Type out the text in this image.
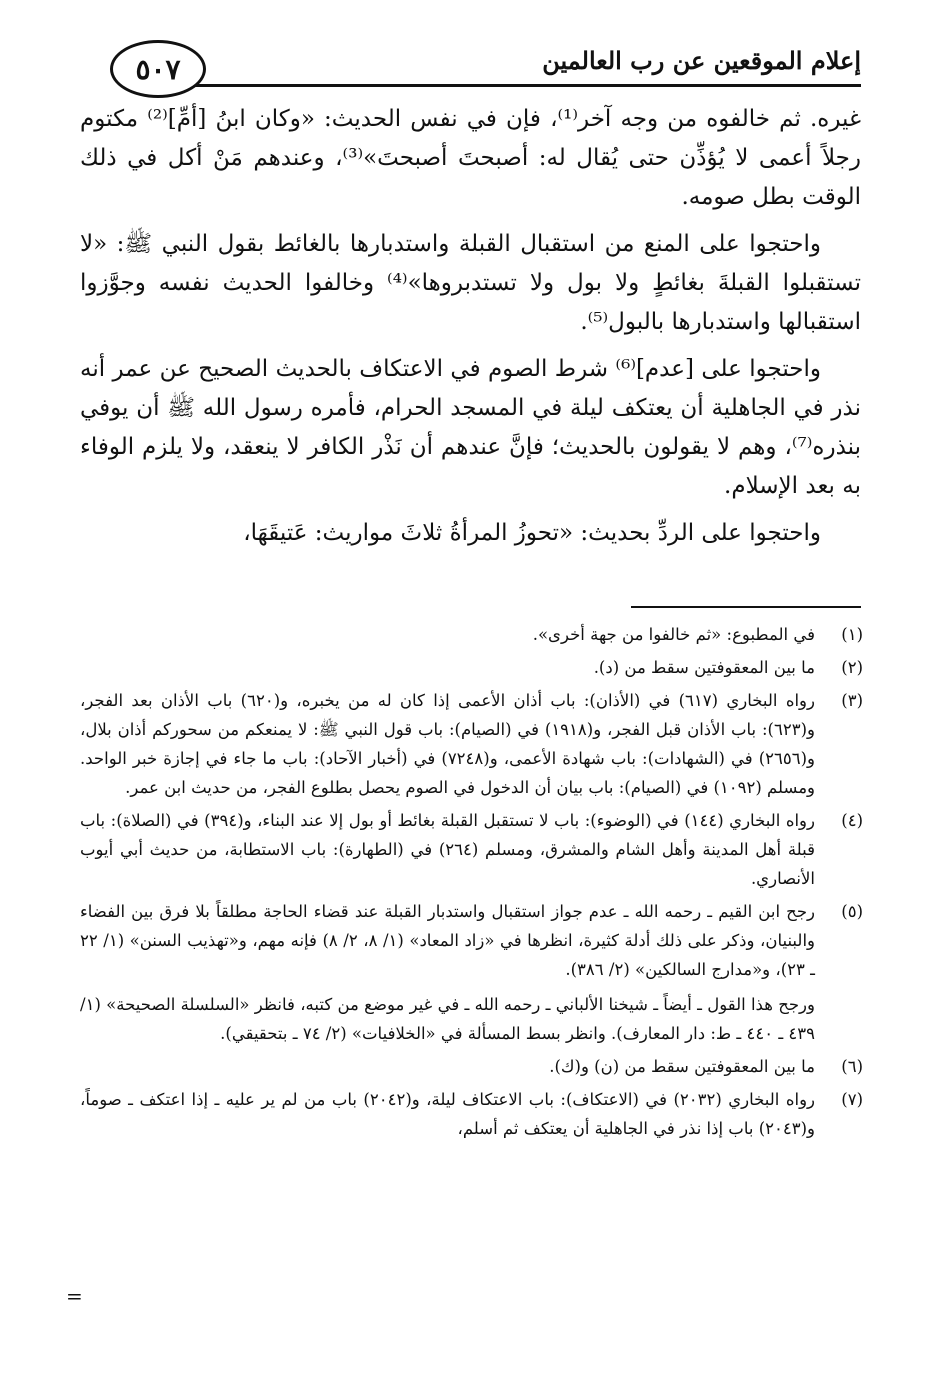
إعلام الموقعين عن رب العالمين
٥٠٧

غيره. ثم خالفوه من وجه آخر⁽¹⁾، فإن في نفس الحديث: «وكان ابنُ [أمِّ]⁽²⁾ مكتوم رجلاً أعمى لا يُؤذِّن حتى يُقال له: أصبحتَ أصبحتَ»⁽³⁾، وعندهم مَنْ أكل في ذلك الوقت بطل صومه.

واحتجوا على المنع من استقبال القبلة واستدبارها بالغائط بقول النبي ﷺ: «لا تستقبلوا القبلةَ بغائطٍ ولا بول ولا تستدبروها»⁽⁴⁾ وخالفوا الحديث نفسه وجوَّزوا استقبالها واستدبارها بالبول⁽⁵⁾.

واحتجوا على [عدم]⁽⁶⁾ شرط الصوم في الاعتكاف بالحديث الصحيح عن عمر أنه نذر في الجاهلية أن يعتكف ليلة في المسجد الحرام، فأمره رسول الله ﷺ أن يوفي بنذره⁽⁷⁾، وهم لا يقولون بالحديث؛ فإنَّ عندهم أن نَذْر الكافر لا ينعقد، ولا يلزم الوفاء به بعد الإسلام.

واحتجوا على الردِّ بحديث: «تحوزُ المرأةُ ثلاثَ مواريث: عَتيقَهَا،

(١)
في المطبوع: «ثم خالفوا من جهة أخرى».
(٢)
ما بين المعقوفتين سقط من (د).
(٣)
رواه البخاري (٦١٧) في (الأذان): باب أذان الأعمى إذا كان له من يخبره، و(٦٢٠) باب الأذان بعد الفجر، و(٦٢٣): باب الأذان قبل الفجر، و(١٩١٨) في (الصيام): باب قول النبي ﷺ: لا يمنعكم من سحوركم أذان بلال، و(٢٦٥٦) في (الشهادات): باب شهادة الأعمى، و(٧٢٤٨) في (أخبار الآحاد): باب ما جاء في إجازة خبر الواحد. ومسلم (١٠٩٢) في (الصيام): باب بيان أن الدخول في الصوم يحصل بطلوع الفجر، من حديث ابن عمر.
(٤)
رواه البخاري (١٤٤) في (الوضوء): باب لا تستقبل القبلة بغائط أو بول إلا عند البناء، و(٣٩٤) في (الصلاة): باب قبلة أهل المدينة وأهل الشام والمشرق، ومسلم (٢٦٤) في (الطهارة): باب الاستطابة، من حديث أبي أيوب الأنصاري.
(٥)
رجح ابن القيم ـ رحمه الله ـ عدم جواز استقبال واستدبار القبلة عند قضاء الحاجة مطلقاً بلا فرق بين الفضاء والبنيان، وذكر على ذلك أدلة كثيرة، انظرها في «زاد المعاد» (١/ ٨، ٢/ ٨) فإنه مهم، و«تهذيب السنن» (١/ ٢٢ ـ ٢٣)، و«مدارج السالكين» (٢/ ٣٨٦).
ورجح هذا القول ـ أيضاً ـ شيخنا الألباني ـ رحمه الله ـ في غير موضع من كتبه، فانظر «السلسلة الصحيحة» (١/ ٤٣٩ ـ ٤٤٠ ـ ط: دار المعارف). وانظر بسط المسألة في «الخلافيات» (٢/ ٧٤ ـ بتحقيقي).
(٦)
ما بين المعقوفتين سقط من (ن) و(ك).
(٧)
رواه البخاري (٢٠٣٢) في (الاعتكاف): باب الاعتكاف ليلة، و(٢٠٤٢) باب من لم ير عليه ـ إذا اعتكف ـ صوماً، و(٢٠٤٣) باب إذا نذر في الجاهلية أن يعتكف ثم أسلم،
=
